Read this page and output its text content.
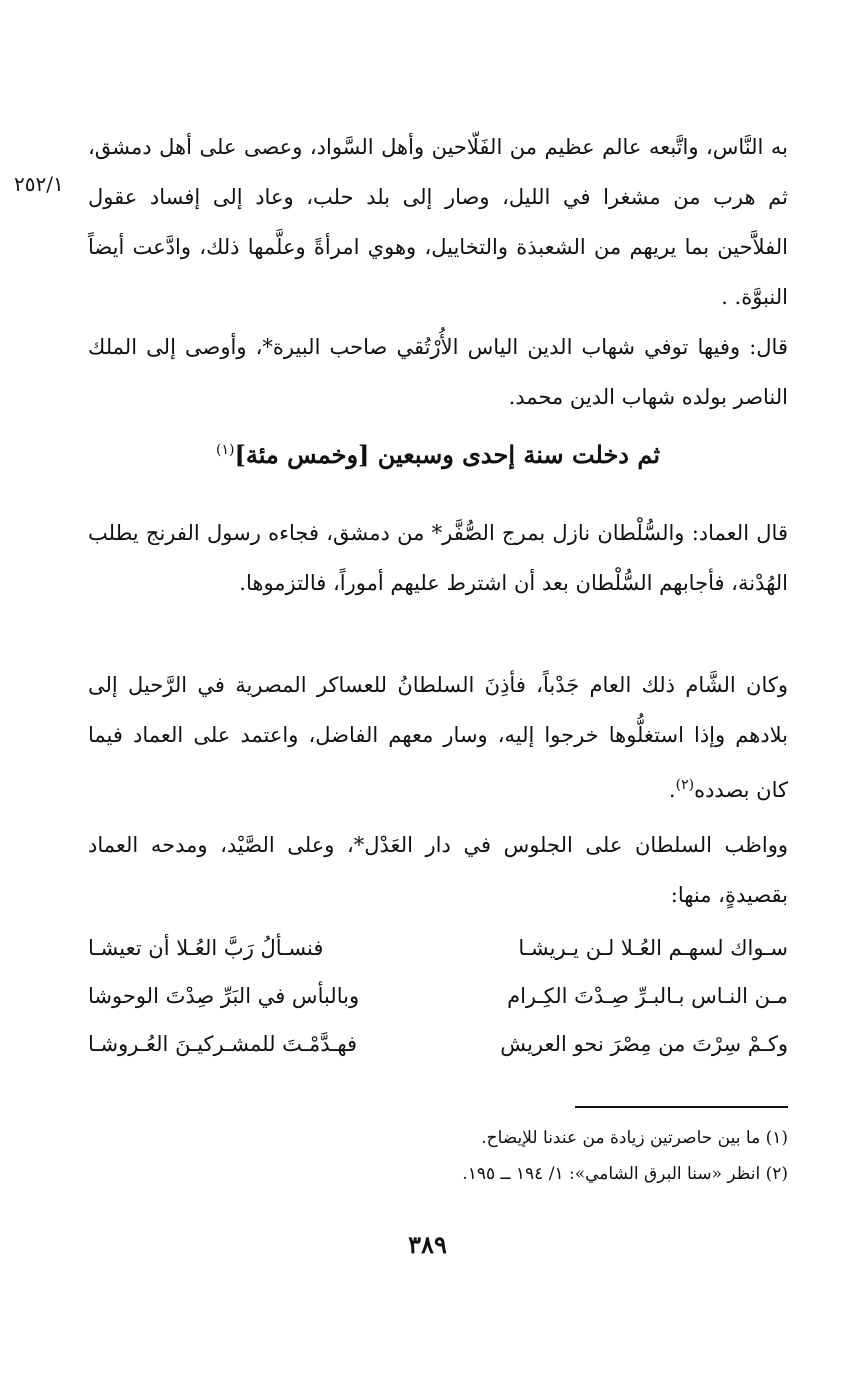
٢٥٢/١
به النَّاس، واتَّبعه عالم عظيم من الفَلّاحين وأهل السَّواد، وعصى على أهل دمشق، ثم هرب من مشغرا في الليل، وصار إلى بلد حلب، وعاد إلى إفساد عقول الفلاَّحين بما يريهم من الشعبذة والتخاييل، وهوي امرأةً وعلَّمها ذلك، وادَّعت أيضاً النبوَّة. .
قال: وفيها توفي شهاب الدين الياس الأُرْتُقي صاحب البيرة*، وأوصى إلى الملك الناصر بولده شهاب الدين محمد.
ثم دخلت سنة إحدى وسبعين [وخمس مئة]$^{(١)}$
قال العماد: والسُّلْطان نازل بمرج الصُّفَّر* من دمشق، فجاءه رسول الفرنج يطلب الهُدْنة، فأجابهم السُّلْطان بعد أن اشترط عليهم أموراً، فالتزموها.
وكان الشَّام ذلك العام جَدْباً، فأذِنَ السلطانُ للعساكر المصرية في الرَّحيل إلى بلادهم وإذا استغلُّوها خرجوا إليه، وسار معهم الفاضل، واعتمد على العماد فيما كان بصدده$^{(٢)}$.
وواظب السلطان على الجلوس في دار العَدْل*، وعلى الصَّيْد، ومدحه العماد بقصيدةٍ، منها:
سـواك لسهـم العُـلا لـن يـريشـا
فنسـألُ رَبَّ العُـلا أن تعيشـا
مـن النـاس بـالبـرِّ صِـدْتَ الكِـرام
وبالبأس في البَرِّ صِدْتَ الوحوشا
وكـمْ سِرْتَ من مِصْرَ نحو العريش
فهـدَّمْـتَ للمشـركيـنَ العُـروشـا
(١) ما بين حاصرتين زيادة من عندنا للإيضاح.
(٢) انظر «سنا البرق الشامي»: ١/ ١٩٤ ــ ١٩٥.
٣٨٩
